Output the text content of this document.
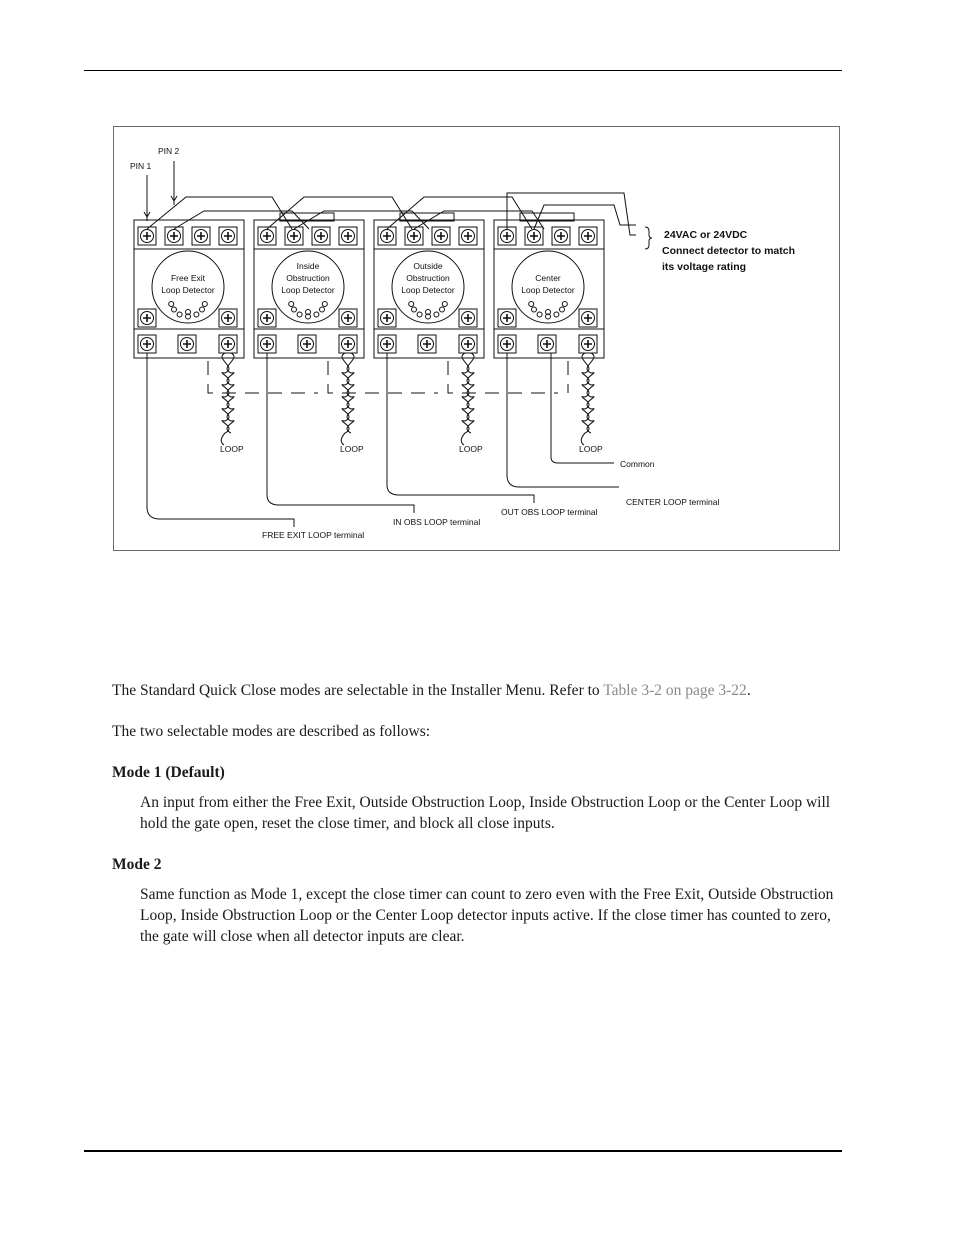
PIN 1
PIN 2
Free Exit
Loop Detector
Inside
Obstruction
Loop Detector
Outside
Obstruction
Loop Detector
Center
Loop Detector
LOOP	LOOP	LOOP	LOOP
24VAC or 24VDC
Connect detector to match
its voltage rating
Common
CENTER LOOP terminal
OUT OBS LOOP terminal
IN OBS LOOP terminal
FREE EXIT LOOP terminal
The Standard Quick Close modes are selectable in the Installer Menu. Refer to Table 3-2 on page 3-22.
The two selectable modes are described as follows:
Mode 1 (Default)
An input from either the Free Exit, Outside Obstruction Loop, Inside Obstruction Loop or the Center Loop will hold the gate open, reset the close timer, and block all close inputs.
Mode 2
Same function as Mode 1, except the close timer can count to zero even with the Free Exit, Outside Obstruction Loop, Inside Obstruction Loop or the Center Loop detector inputs active. If the close timer has counted to zero, the gate will close when all detector inputs are clear.
